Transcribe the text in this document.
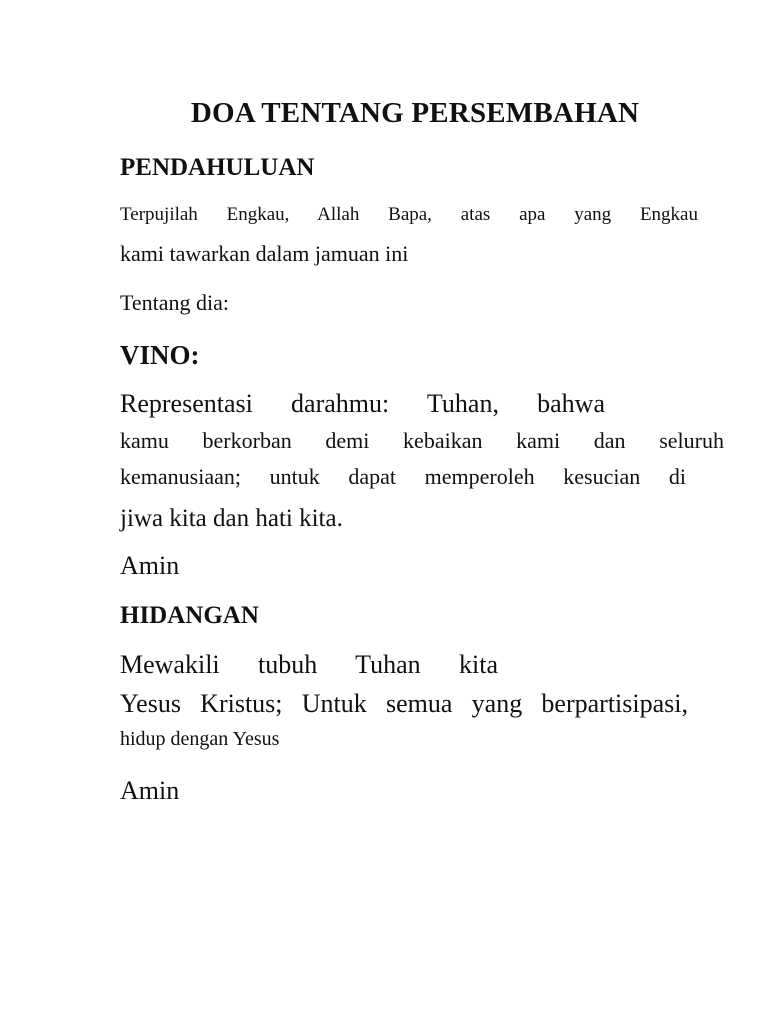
DOA TENTANG PERSEMBAHAN
PENDAHULUAN
Terpujilah Engkau, Allah Bapa, atas apa yang Engkau
kami tawarkan dalam jamuan ini
Tentang dia:
VINO:
Representasi darahmu: Tuhan, bahwa
kamu berkorban demi kebaikan kami dan seluruh
kemanusiaan; untuk dapat memperoleh kesucian di
jiwa kita dan hati kita.
Amin
HIDANGAN
Mewakili tubuh Tuhan kita
Yesus Kristus; Untuk semua yang berpartisipasi,
hidup dengan Yesus
Amin
